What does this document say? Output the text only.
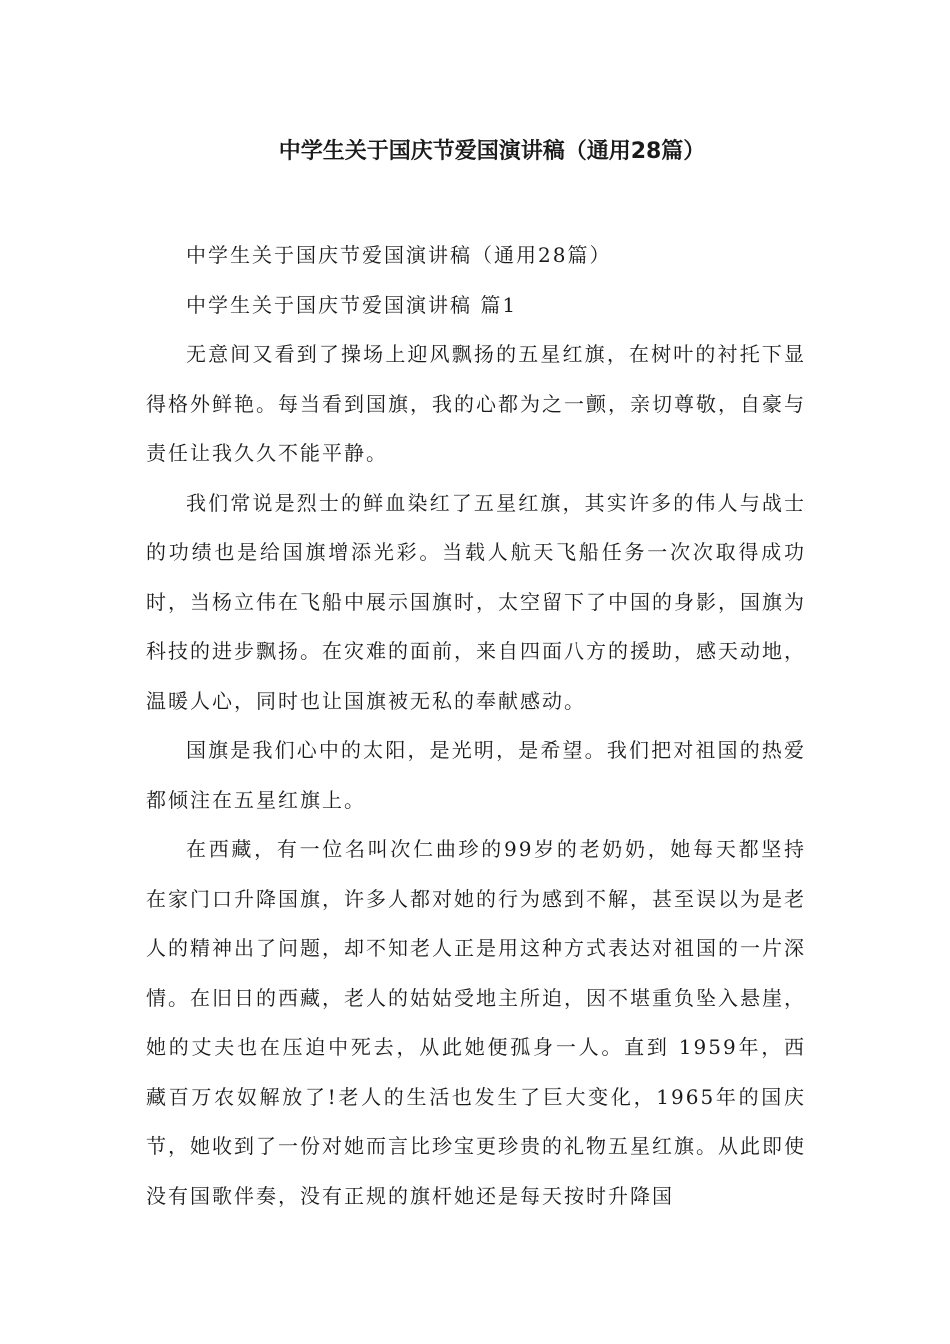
中学生关于国庆节爱国演讲稿（通用28篇）

中学生关于国庆节爱国演讲稿（通用28篇）

中学生关于国庆节爱国演讲稿 篇1

无意间又看到了操场上迎风飘扬的五星红旗，在树叶的衬托下显得格外鲜艳。每当看到国旗，我的心都为之一颤，亲切尊敬，自豪与责任让我久久不能平静。

我们常说是烈士的鲜血染红了五星红旗，其实许多的伟人与战士的功绩也是给国旗增添光彩。当载人航天飞船任务一次次取得成功时，当杨立伟在飞船中展示国旗时，太空留下了中国的身影，国旗为科技的进步飘扬。在灾难的面前，来自四面八方的援助，感天动地，温暖人心，同时也让国旗被无私的奉献感动。

国旗是我们心中的太阳，是光明，是希望。我们把对祖国的热爱都倾注在五星红旗上。

在西藏，有一位名叫次仁曲珍的99岁的老奶奶，她每天都坚持在家门口升降国旗，许多人都对她的行为感到不解，甚至误以为是老人的精神出了问题，却不知老人正是用这种方式表达对祖国的一片深情。在旧日的西藏，老人的姑姑受地主所迫，因不堪重负坠入悬崖，她的丈夫也在压迫中死去，从此她便孤身一人。直到 1959年，西藏百万农奴解放了!老人的生活也发生了巨大变化，1965年的国庆节，她收到了一份对她而言比珍宝更珍贵的礼物五星红旗。从此即使没有国歌伴奏，没有正规的旗杆她还是每天按时升降国
